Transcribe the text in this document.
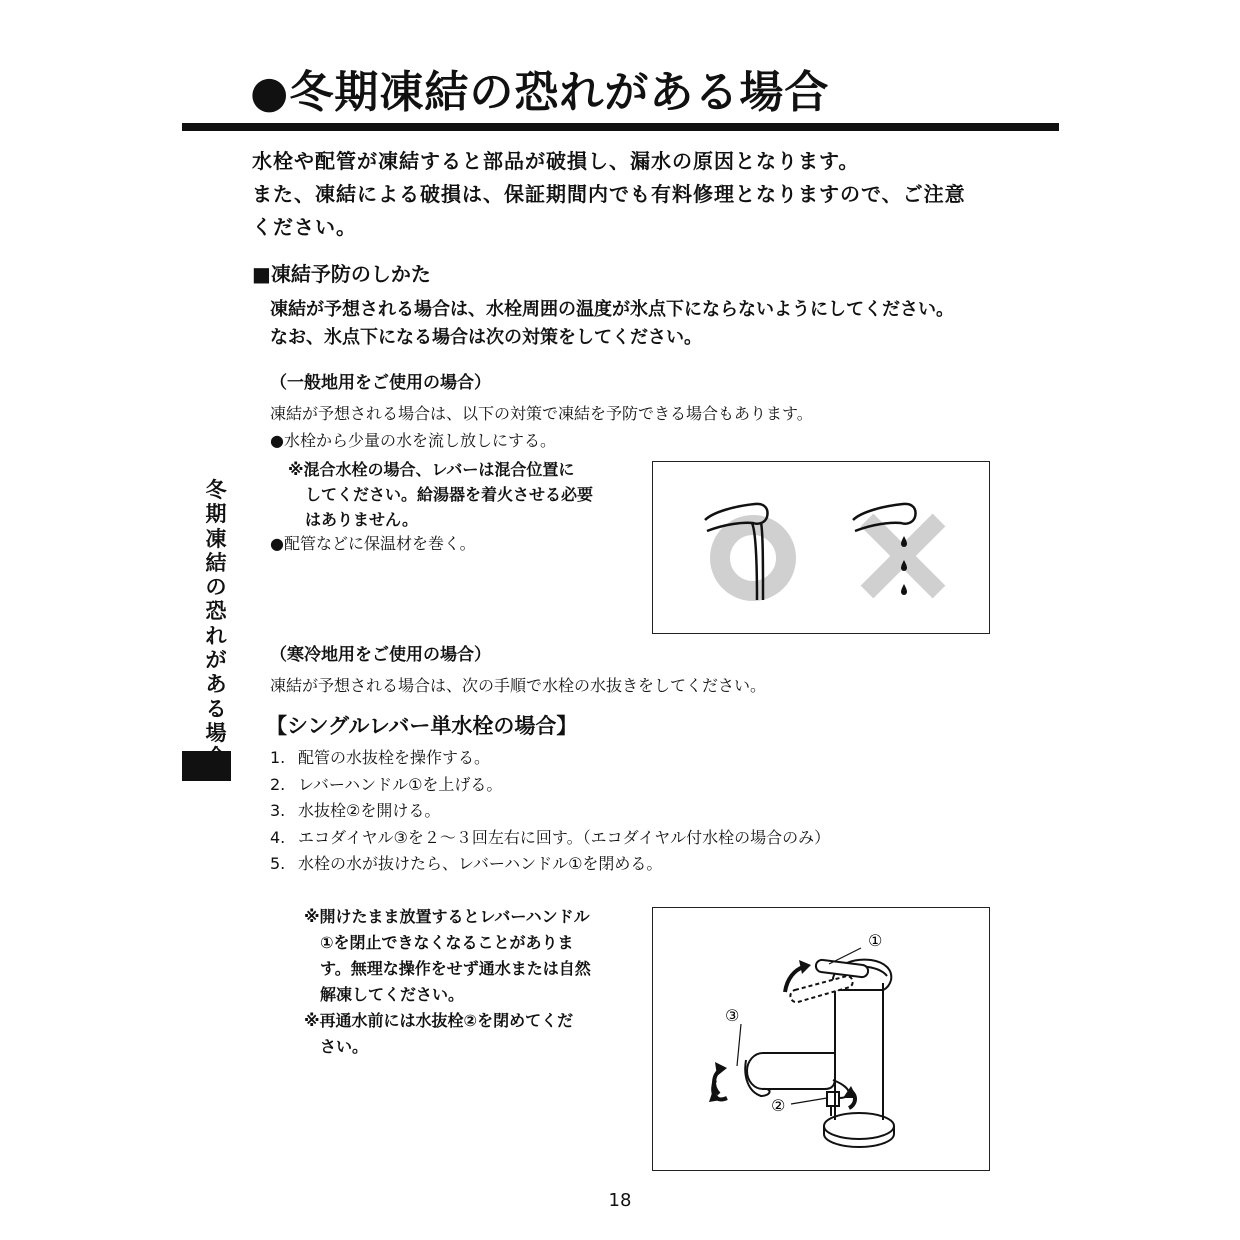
●冬期凍結の恐れがある場合
水栓や配管が凍結すると部品が破損し、漏水の原因となります。
また、凍結による破損は、保証期間内でも有料修理となりますので、ご注意
ください。
■凍結予防のしかた
凍結が予想される場合は、水栓周囲の温度が氷点下にならないようにしてください。
なお、氷点下になる場合は次の対策をしてください。
（一般地用をご使用の場合）
凍結が予想される場合は、以下の対策で凍結を予防できる場合もあります。
●水栓から少量の水を流し放しにする。
※混合水栓の場合、レバーは混合位置に
してください。給湯器を着火させる必要
はありません。
●配管などに保温材を巻く。
冬期凍結の恐れがある場
（寒冷地用をご使用の場合）
凍結が予想される場合は、次の手順で水栓の水抜きをしてください。
【シングルレバー単水栓の場合】
1. 配管の水抜栓を操作する。
2. レバーハンドル①を上げる。
3. 水抜栓②を開ける。
4. エコダイヤル③を２～３回左右に回す。（エコダイヤル付水栓の場合のみ）
5. 水栓の水が抜けたら、レバーハンドル①を閉める。
※開けたまま放置するとレバーハンドル
①を閉止できなくなることがありま
す。無理な操作をせず通水または自然
解凍してください。
※再通水前には水抜栓②を閉めてくだ
さい。
①
③
②
18
